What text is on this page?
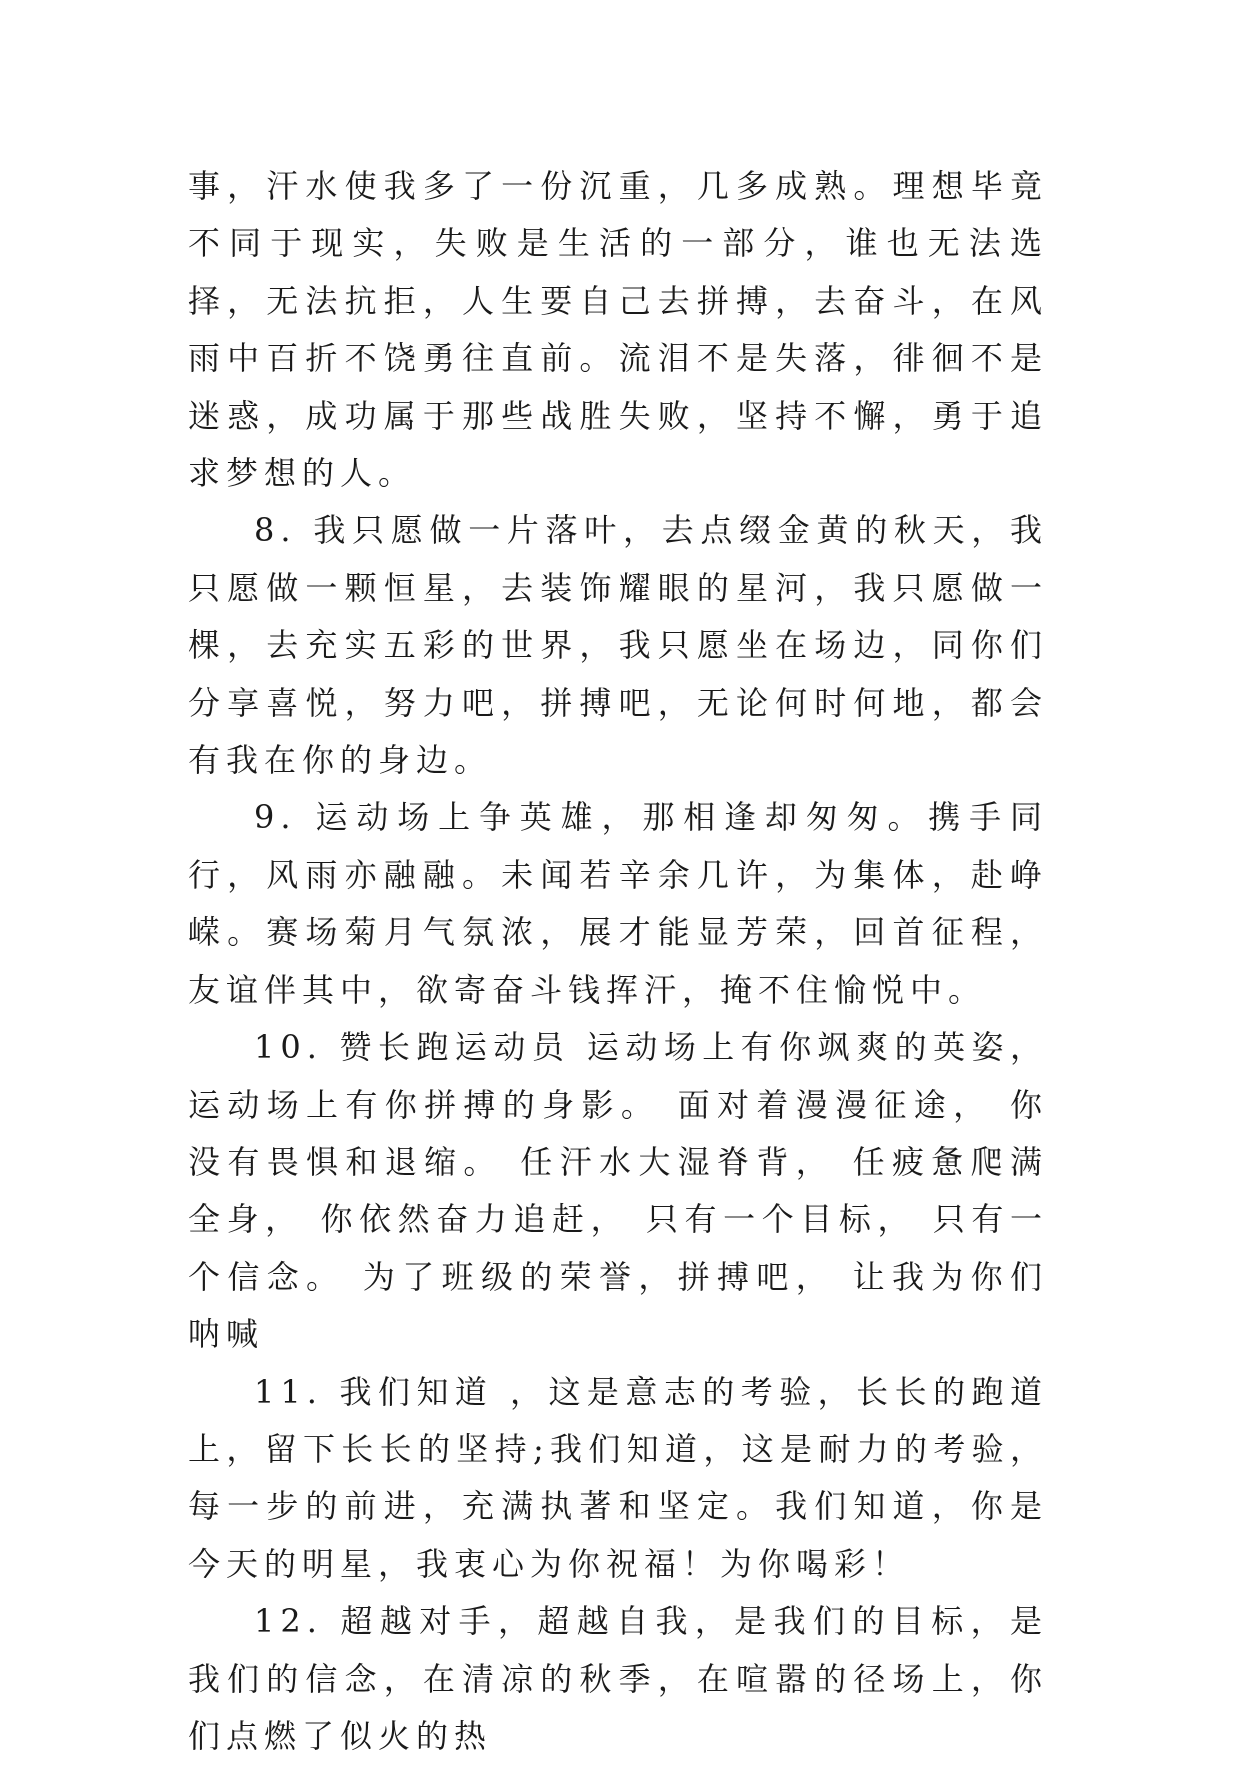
事，汗水使我多了一份沉重，几多成熟。理想毕竟不同于现实，失败是生活的一部分，谁也无法选择，无法抗拒，人生要自己去拼搏，去奋斗，在风雨中百折不饶勇往直前。流泪不是失落，徘徊不是迷惑，成功属于那些战胜失败，坚持不懈，勇于追求梦想的人。

8. 我只愿做一片落叶，去点缀金黄的秋天，我只愿做一颗恒星，去装饰耀眼的星河，我只愿做一棵，去充实五彩的世界，我只愿坐在场边，同你们分享喜悦，努力吧，拼搏吧，无论何时何地，都会有我在你的身边。

9. 运动场上争英雄，那相逢却匆匆。携手同行，风雨亦融融。未闻若辛余几许，为集体，赴峥嵘。赛场菊月气氛浓，展才能显芳荣，回首征程，友谊伴其中，欲寄奋斗钱挥汗，掩不住愉悦中。

10. 赞长跑运动员 运动场上有你飒爽的英姿， 运动场上有你拼搏的身影。 面对着漫漫征途， 你没有畏惧和退缩。 任汗水大湿脊背， 任疲惫爬满全身， 你依然奋力追赶， 只有一个目标， 只有一个信念。 为了班级的荣誉，拼搏吧， 让我为你们呐喊

11. 我们知道 ，这是意志的考验，长长的跑道上，留下长长的坚持;我们知道，这是耐力的考验，每一步的前进，充满执著和坚定。我们知道，你是今天的明星，我衷心为你祝福！为你喝彩！

12. 超越对手，超越自我，是我们的目标，是我们的信念，在清凉的秋季，在喧嚣的径场上，你们点燃了似火的热
